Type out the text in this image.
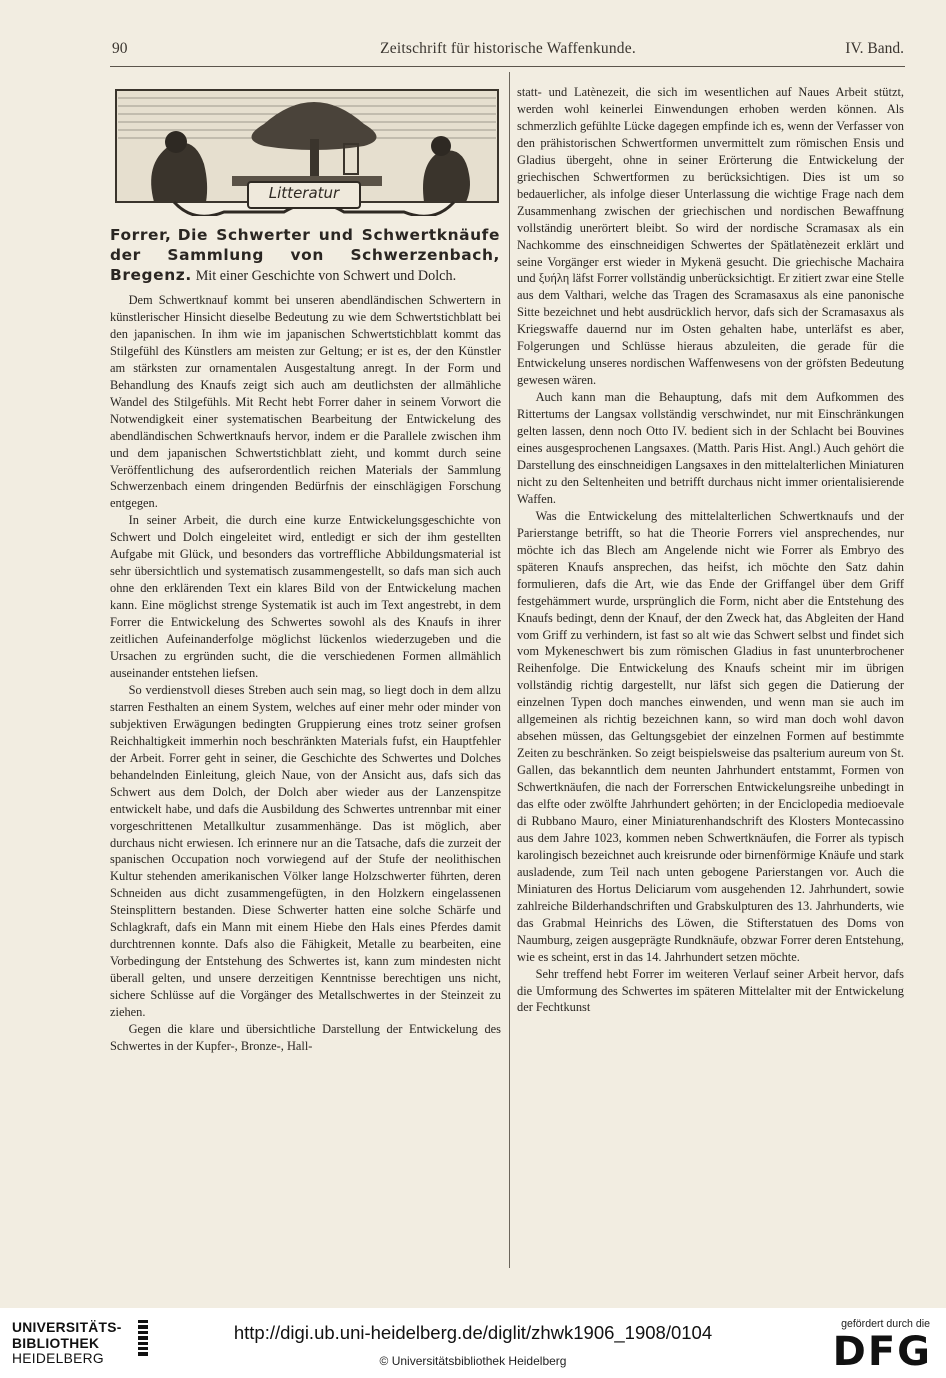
90	Zeitschrift für historische Waffenkunde.	IV. Band.
Litteratur
Forrer, Die Schwerter und Schwertknäufe der Sammlung von Schwerzenbach, Bregenz. Mit einer Geschichte von Schwert und Dolch.

Dem Schwertknauf kommt bei unseren abendländischen Schwertern in künstlerischer Hinsicht dieselbe Bedeutung zu wie dem Schwertstichblatt bei den japanischen. In ihm wie im japanischen Schwertstichblatt kommt das Stilgefühl des Künstlers am meisten zur Geltung; er ist es, der den Künstler am stärksten zur ornamentalen Ausgestaltung anregt. In der Form und Behandlung des Knaufs zeigt sich auch am deutlichsten der allmähliche Wandel des Stilgefühls. Mit Recht hebt Forrer daher in seinem Vorwort die Notwendigkeit einer systematischen Bearbeitung der Entwickelung des abendländischen Schwertknaufs hervor, indem er die Parallele zwischen ihm und dem japanischen Schwertstichblatt zieht, und kommt durch seine Veröffentlichung des aufserordentlich reichen Materials der Sammlung Schwerzenbach einem dringenden Bedürfnis der einschlägigen Forschung entgegen.

In seiner Arbeit, die durch eine kurze Entwickelungsgeschichte von Schwert und Dolch eingeleitet wird, entledigt er sich der ihm gestellten Aufgabe mit Glück, und besonders das vortreffliche Abbildungsmaterial ist sehr übersichtlich und systematisch zusammengestellt, so dafs man sich auch ohne den erklärenden Text ein klares Bild von der Entwickelung machen kann. Eine möglichst strenge Systematik ist auch im Text angestrebt, in dem Forrer die Entwickelung des Schwertes sowohl als des Knaufs in ihrer zeitlichen Aufeinanderfolge möglichst lückenlos wiederzugeben und die Ursachen zu ergründen sucht, die die verschiedenen Formen allmählich auseinander entstehen liefsen.

So verdienstvoll dieses Streben auch sein mag, so liegt doch in dem allzu starren Festhalten an einem System, welches auf einer mehr oder minder von subjektiven Erwägungen bedingten Gruppierung eines trotz seiner grofsen Reichhaltigkeit immerhin noch beschränkten Materials fufst, ein Hauptfehler der Arbeit. Forrer geht in seiner, die Geschichte des Schwertes und Dolches behandelnden Einleitung, gleich Naue, von der Ansicht aus, dafs sich das Schwert aus dem Dolch, der Dolch aber wieder aus der Lanzenspitze entwickelt habe, und dafs die Ausbildung des Schwertes untrennbar mit einer vorgeschrittenen Metallkultur zusammenhänge. Das ist möglich, aber durchaus nicht erwiesen. Ich erinnere nur an die Tatsache, dafs die zurzeit der spanischen Occupation noch vorwiegend auf der Stufe der neolithischen Kultur stehenden amerikanischen Völker lange Holzschwerter führten, deren Schneiden aus dicht zusammengefügten, in den Holzkern eingelassenen Steinsplittern bestanden. Diese Schwerter hatten eine solche Schärfe und Schlagkraft, dafs ein Mann mit einem Hiebe den Hals eines Pferdes damit durchtrennen konnte. Dafs also die Fähigkeit, Metalle zu bearbeiten, eine Vorbedingung der Entstehung des Schwertes ist, kann zum mindesten nicht überall gelten, und unsere derzeitigen Kenntnisse berechtigen uns nicht, sichere Schlüsse auf die Vorgänger des Metallschwertes in der Steinzeit zu ziehen.

Gegen die klare und übersichtliche Darstellung der Entwickelung des Schwertes in der Kupfer-, Bronze-, Hall-

statt- und Latènezeit, die sich im wesentlichen auf Naues Arbeit stützt, werden wohl keinerlei Einwendungen erhoben werden können. Als schmerzlich gefühlte Lücke dagegen empfinde ich es, wenn der Verfasser von den prähistorischen Schwertformen unvermittelt zum römischen Ensis und Gladius übergeht, ohne in seiner Erörterung die Entwickelung der griechischen Schwertformen zu berücksichtigen. Dies ist um so bedauerlicher, als infolge dieser Unterlassung die wichtige Frage nach dem Zusammenhang zwischen der griechischen und nordischen Bewaffnung vollständig unerörtert bleibt. So wird der nordische Scramasax als ein Nachkomme des einschneidigen Schwertes der Spätlatènezeit erklärt und seine Vorgänger erst wieder in Mykenä gesucht. Die griechische Machaira und ξυήλη läfst Forrer vollständig unberücksichtigt. Er zitiert zwar eine Stelle aus dem Valthari, welche das Tragen des Scramasaxus als eine panonische Sitte bezeichnet und hebt ausdrücklich hervor, dafs sich der Scramasaxus als Kriegswaffe dauernd nur im Osten gehalten habe, unterläfst es aber, Folgerungen und Schlüsse hieraus abzuleiten, die gerade für die Entwickelung unseres nordischen Waffenwesens von der gröfsten Bedeutung gewesen wären.

Auch kann man die Behauptung, dafs mit dem Aufkommen des Rittertums der Langsax vollständig verschwindet, nur mit Einschränkungen gelten lassen, denn noch Otto IV. bedient sich in der Schlacht bei Bouvines eines ausgesprochenen Langsaxes. (Matth. Paris Hist. Angl.) Auch gehört die Darstellung des einschneidigen Langsaxes in den mittelalterlichen Miniaturen nicht zu den Seltenheiten und betrifft durchaus nicht immer orientalisierende Waffen.

Was die Entwickelung des mittelalterlichen Schwertknaufs und der Parierstange betrifft, so hat die Theorie Forrers viel ansprechendes, nur möchte ich das Blech am Angelende nicht wie Forrer als Embryo des späteren Knaufs ansprechen, das heifst, ich möchte den Satz dahin formulieren, dafs die Art, wie das Ende der Griffangel über dem Griff festgehämmert wurde, ursprünglich die Form, nicht aber die Entstehung des Knaufs bedingt, denn der Knauf, der den Zweck hat, das Abgleiten der Hand vom Griff zu verhindern, ist fast so alt wie das Schwert selbst und findet sich vom Mykeneschwert bis zum römischen Gladius in fast ununterbrochener Reihenfolge. Die Entwickelung des Knaufs scheint mir im übrigen vollständig richtig dargestellt, nur läfst sich gegen die Datierung der einzelnen Typen doch manches einwenden, und wenn man sie auch im allgemeinen als richtig bezeichnen kann, so wird man doch wohl davon absehen müssen, das Geltungsgebiet der einzelnen Formen auf bestimmte Zeiten zu beschränken. So zeigt beispielsweise das psalterium aureum von St. Gallen, das bekanntlich dem neunten Jahrhundert entstammt, Formen von Schwertknäufen, die nach der Forrerschen Entwickelungsreihe unbedingt in das elfte oder zwölfte Jahrhundert gehörten; in der Enciclopedia medioevale di Rubbano Mauro, einer Miniaturenhandschrift des Klosters Montecassino aus dem Jahre 1023, kommen neben Schwertknäufen, die Forrer als typisch karolingisch bezeichnet auch kreisrunde oder birnenförmige Knäufe und stark ausladende, zum Teil nach unten gebogene Parierstangen vor. Auch die Miniaturen des Hortus Deliciarum vom ausgehenden 12. Jahrhundert, sowie zahlreiche Bilderhandschriften und Grabskulpturen des 13. Jahrhunderts, wie das Grabmal Heinrichs des Löwen, die Stifterstatuen des Doms von Naumburg, zeigen ausgeprägte Rundknäufe, obzwar Forrer deren Entstehung, wie es scheint, erst in das 14. Jahrhundert setzen möchte.

Sehr treffend hebt Forrer im weiteren Verlauf seiner Arbeit hervor, dafs die Umformung des Schwertes im späteren Mittelalter mit der Entwickelung der Fechtkunst

UNIVERSITÄTS-
BIBLIOTHEK
HEIDELBERG
http://digi.ub.uni-heidelberg.de/diglit/zhwk1906_1908/0104
© Universitätsbibliothek Heidelberg
gefördert durch die
DFG
